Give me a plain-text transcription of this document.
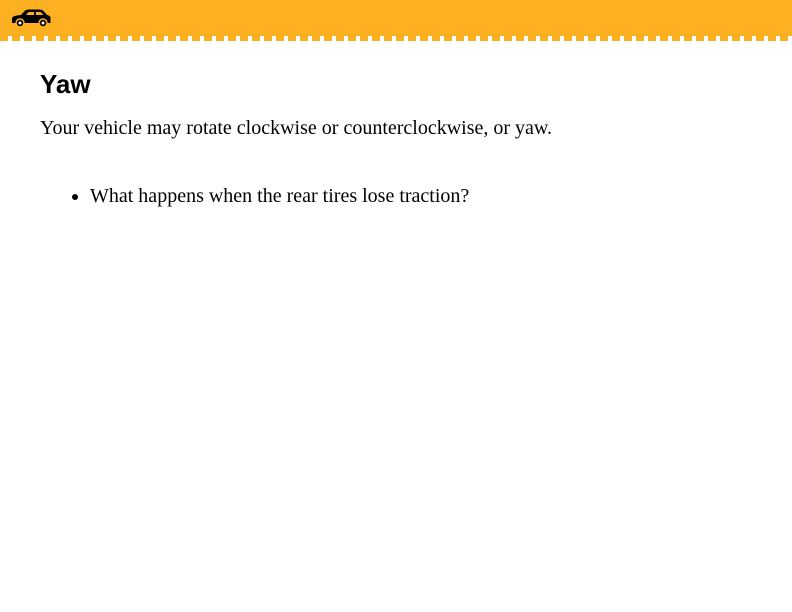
Yaw

Your vehicle may rotate clockwise or counterclockwise, or yaw.

What happens when the rear tires lose traction?
